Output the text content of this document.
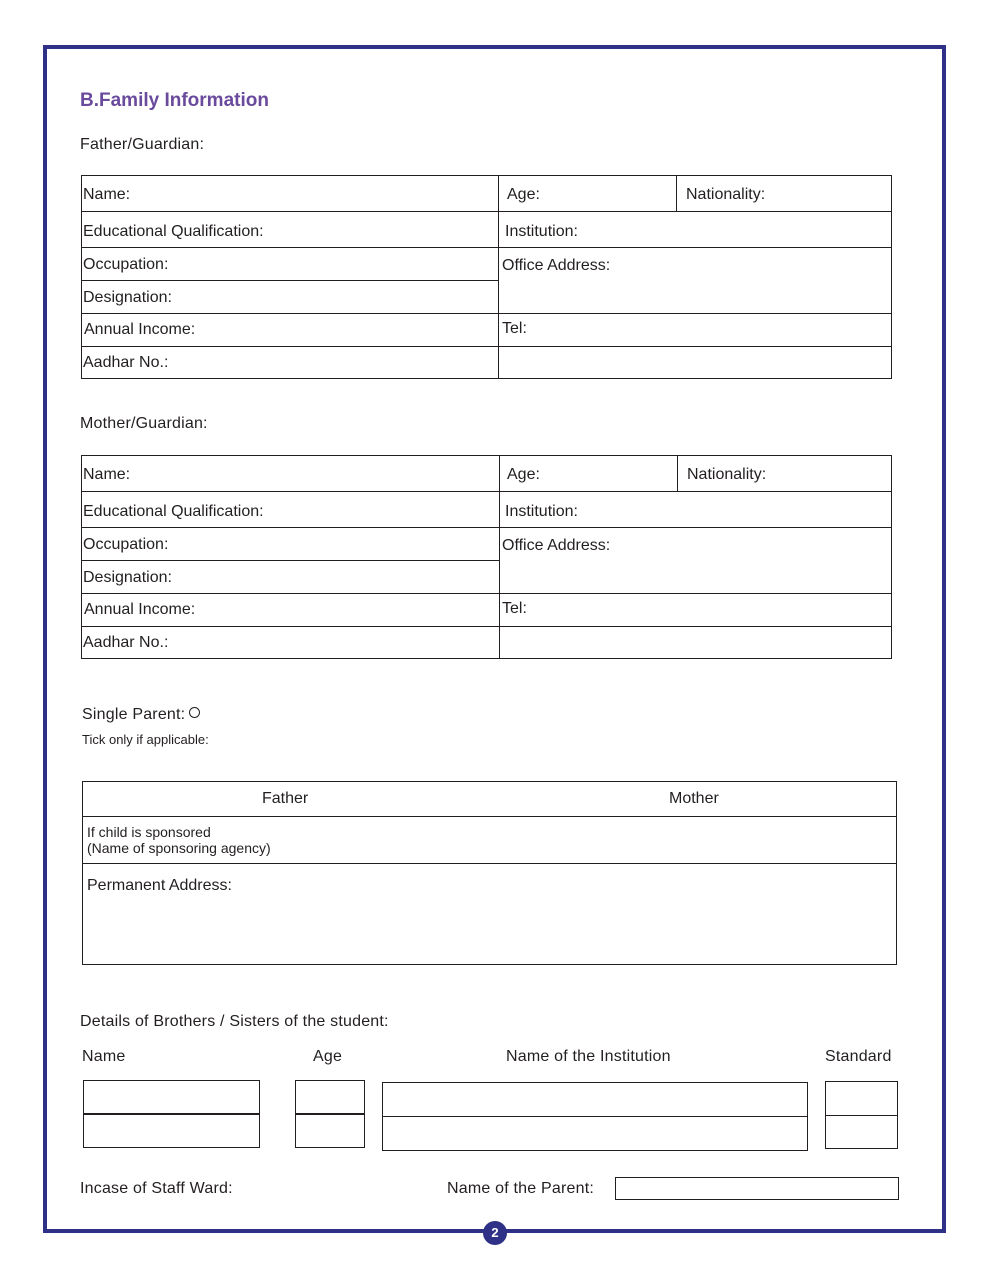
B.Family Information
Father/Guardian:
Name:	Age:	Nationality:
Educational Qualification:	Institution:
Occupation:	Office Address:
Designation:
Annual Income:	Tel:
Aadhar No.:
Mother/Guardian:
Name:	Age:	Nationality:
Educational Qualification:	Institution:
Occupation:	Office Address:
Designation:
Annual Income:	Tel:
Aadhar No.:
Single Parent:
Tick only if applicable:
Father	Mother
If child is sponsored
(Name of sponsoring agency)
Permanent Address:
Details of Brothers / Sisters of the student:
Name	Age	Name of the Institution	Standard
Incase of Staff Ward:	Name of the Parent:
2
